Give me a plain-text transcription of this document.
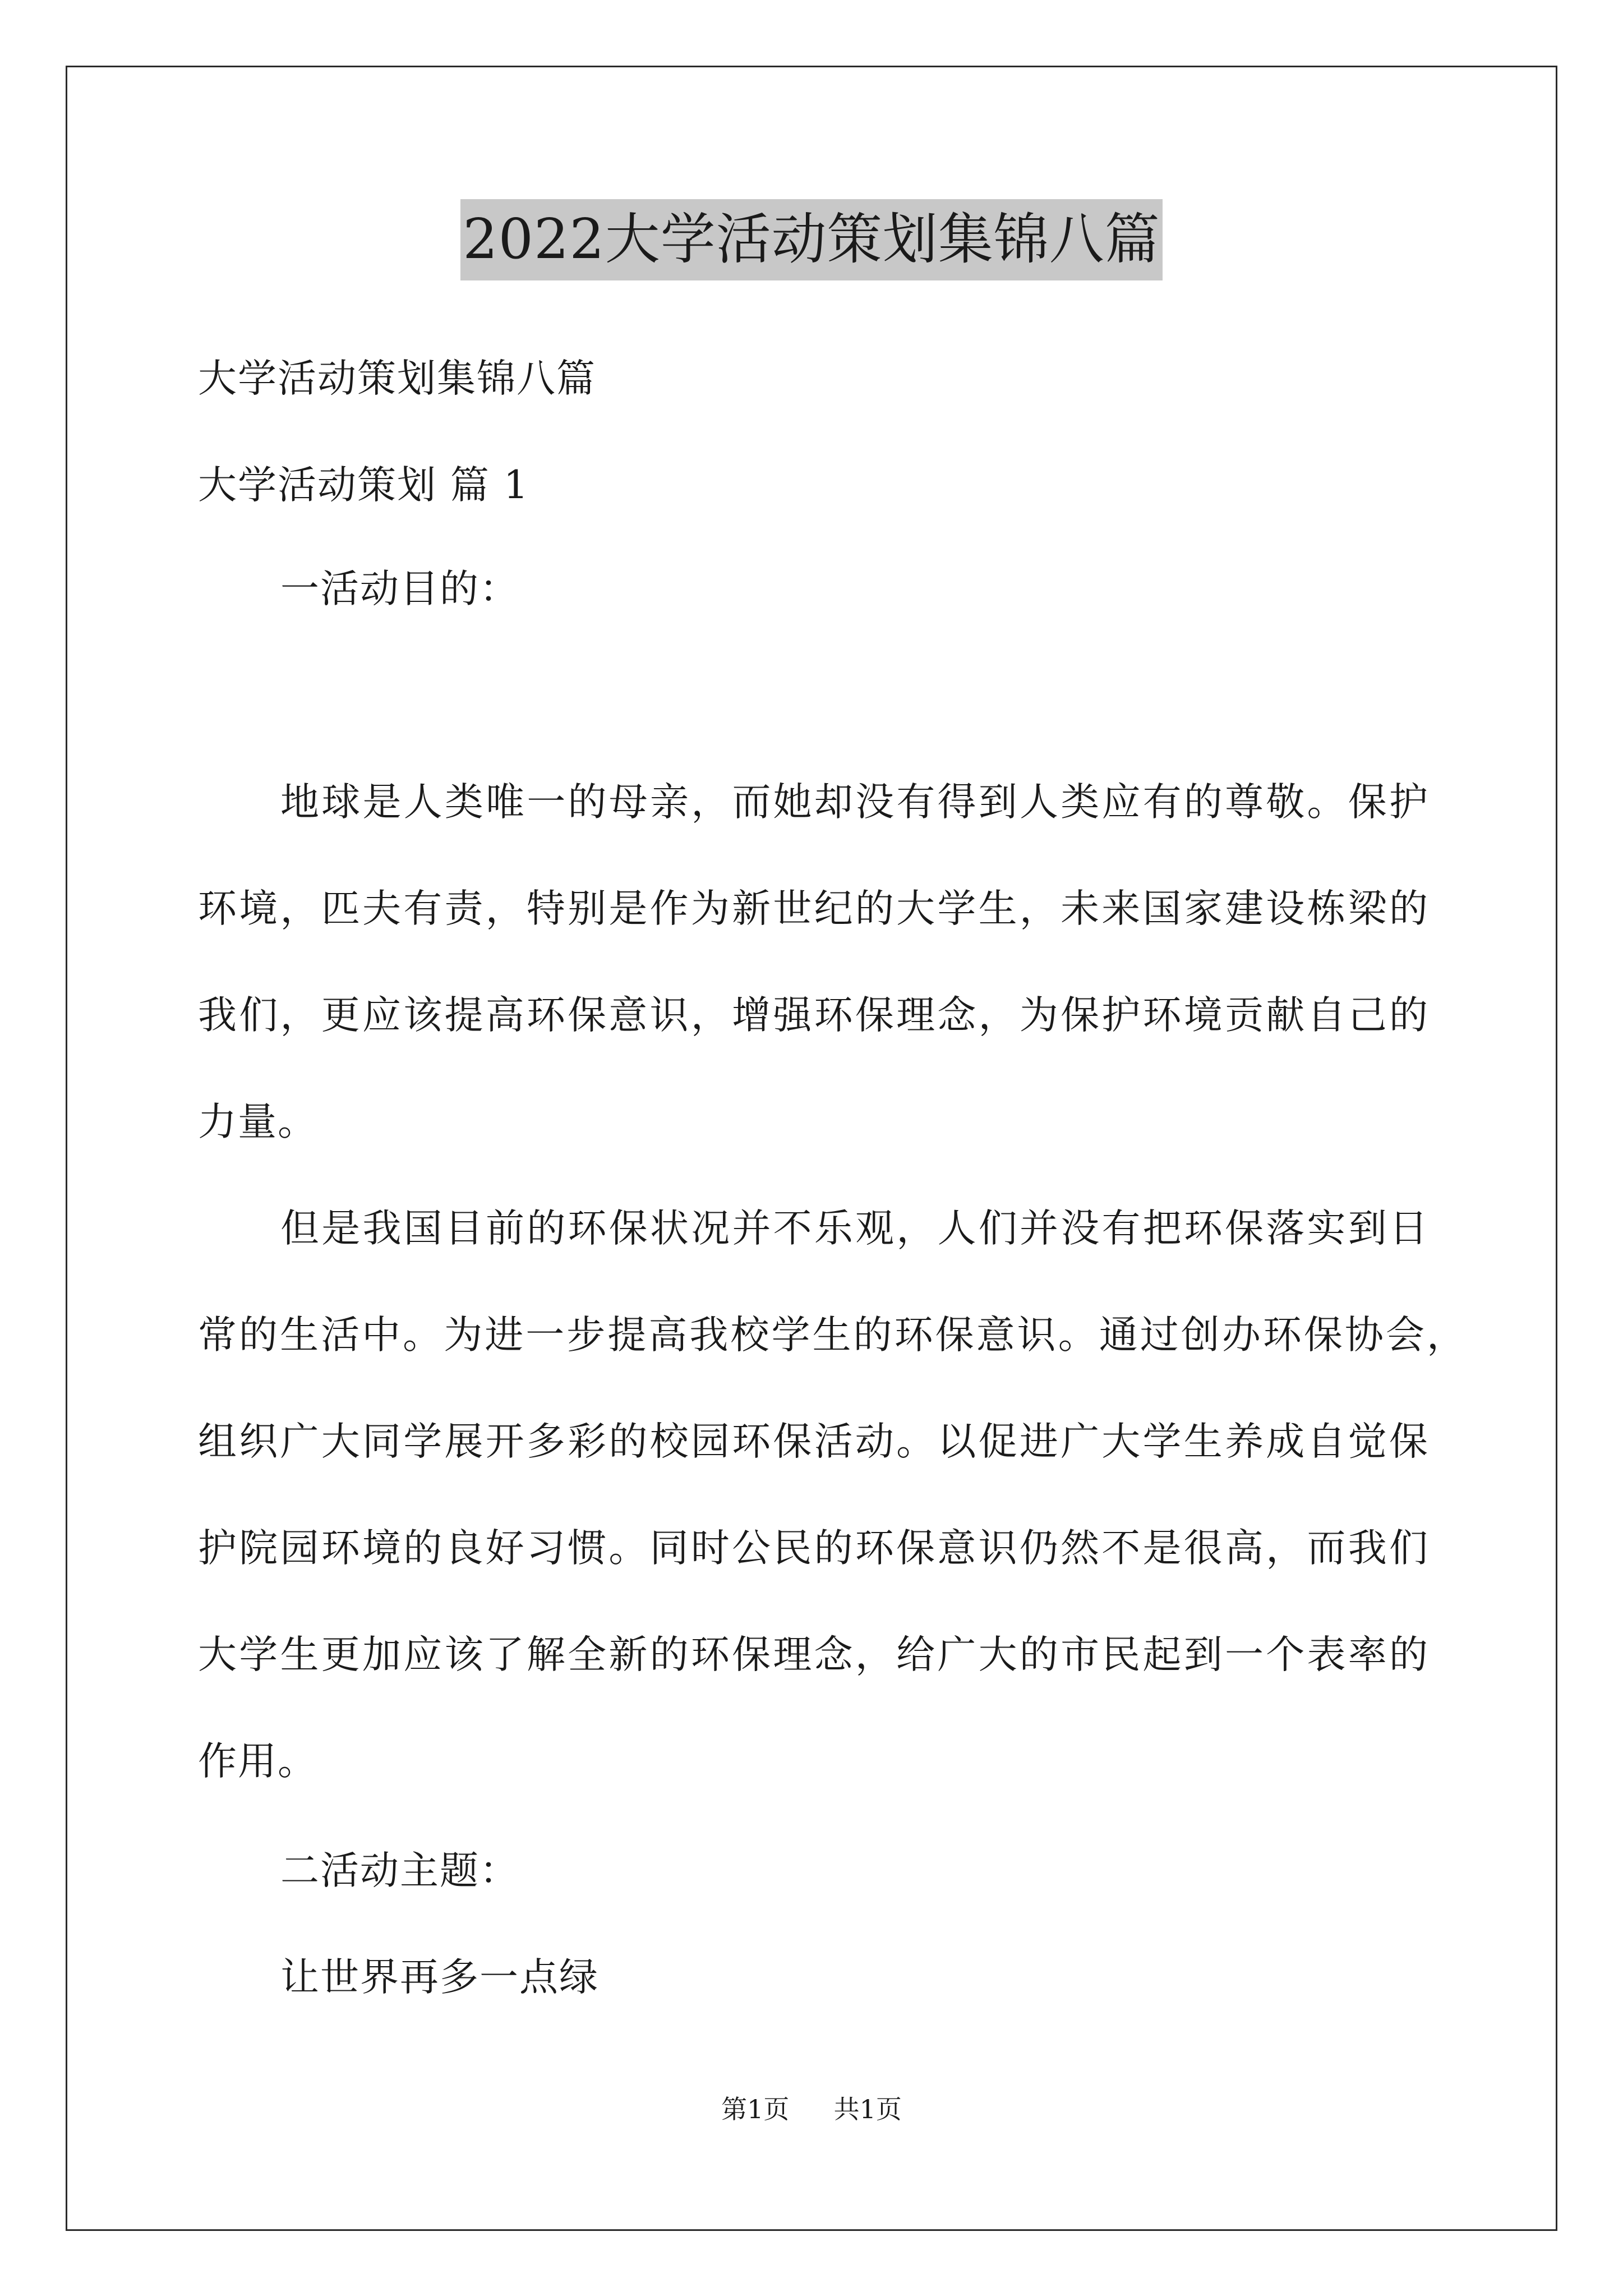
2022大学活动策划集锦八篇
大学活动策划集锦八篇
大学活动策划 篇 1
一活动目的：
地球是人类唯一的母亲，而她却没有得到人类应有的尊敬。保护
环境，匹夫有责，特别是作为新世纪的大学生，未来国家建设栋梁的
我们，更应该提高环保意识，增强环保理念，为保护环境贡献自己的
力量。
但是我国目前的环保状况并不乐观，人们并没有把环保落实到日
常的生活中。为进一步提高我校学生的环保意识。通过创办环保协会，
组织广大同学展开多彩的校园环保活动。以促进广大学生养成自觉保
护院园环境的良好习惯。同时公民的环保意识仍然不是很高，而我们
大学生更加应该了解全新的环保理念，给广大的市民起到一个表率的
作用。
二活动主题：
让世界再多一点绿
第1页 共1页
